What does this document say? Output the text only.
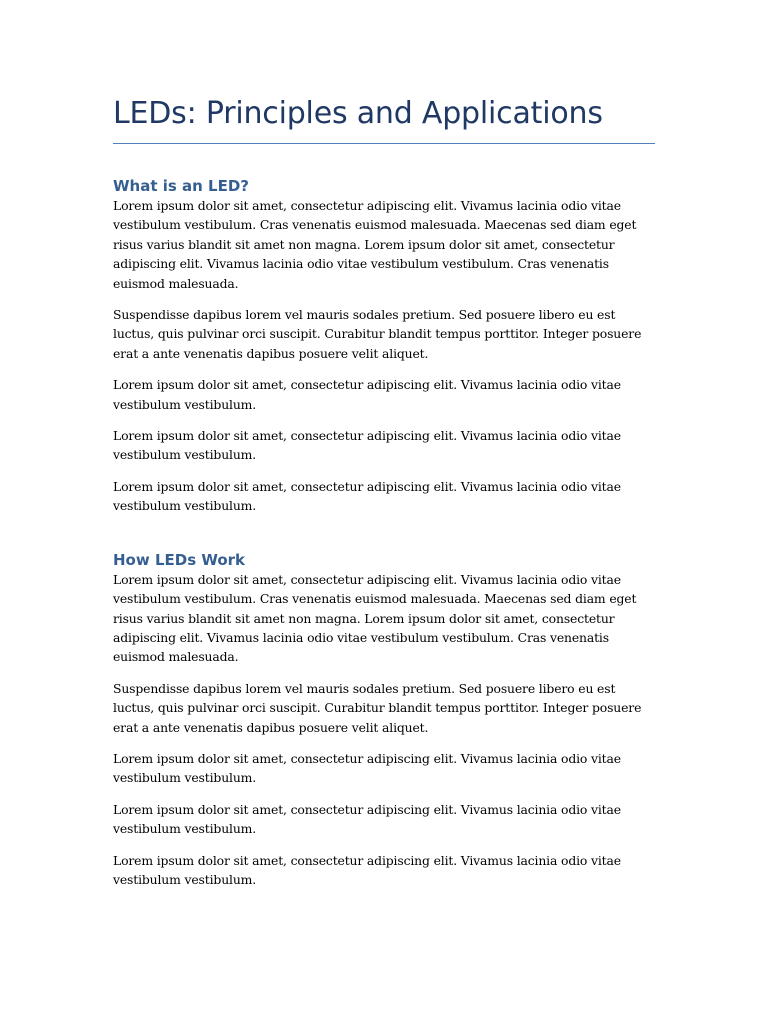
LEDs: Principles and Applications
What is an LED?

Lorem ipsum dolor sit amet, consectetur adipiscing elit. Vivamus lacinia odio vitae vestibulum vestibulum. Cras venenatis euismod malesuada. Maecenas sed diam eget risus varius blandit sit amet non magna. Lorem ipsum dolor sit amet, consectetur adipiscing elit. Vivamus lacinia odio vitae vestibulum vestibulum. Cras venenatis euismod malesuada.

Suspendisse dapibus lorem vel mauris sodales pretium. Sed posuere libero eu est luctus, quis pulvinar orci suscipit. Curabitur blandit tempus porttitor. Integer posuere erat a ante venenatis dapibus posuere velit aliquet.

Lorem ipsum dolor sit amet, consectetur adipiscing elit. Vivamus lacinia odio vitae vestibulum vestibulum.

Lorem ipsum dolor sit amet, consectetur adipiscing elit. Vivamus lacinia odio vitae vestibulum vestibulum.

Lorem ipsum dolor sit amet, consectetur adipiscing elit. Vivamus lacinia odio vitae vestibulum vestibulum.

How LEDs Work

Lorem ipsum dolor sit amet, consectetur adipiscing elit. Vivamus lacinia odio vitae vestibulum vestibulum. Cras venenatis euismod malesuada. Maecenas sed diam eget risus varius blandit sit amet non magna. Lorem ipsum dolor sit amet, consectetur adipiscing elit. Vivamus lacinia odio vitae vestibulum vestibulum. Cras venenatis euismod malesuada.

Suspendisse dapibus lorem vel mauris sodales pretium. Sed posuere libero eu est luctus, quis pulvinar orci suscipit. Curabitur blandit tempus porttitor. Integer posuere erat a ante venenatis dapibus posuere velit aliquet.

Lorem ipsum dolor sit amet, consectetur adipiscing elit. Vivamus lacinia odio vitae vestibulum vestibulum.

Lorem ipsum dolor sit amet, consectetur adipiscing elit. Vivamus lacinia odio vitae vestibulum vestibulum.

Lorem ipsum dolor sit amet, consectetur adipiscing elit. Vivamus lacinia odio vitae vestibulum vestibulum.
